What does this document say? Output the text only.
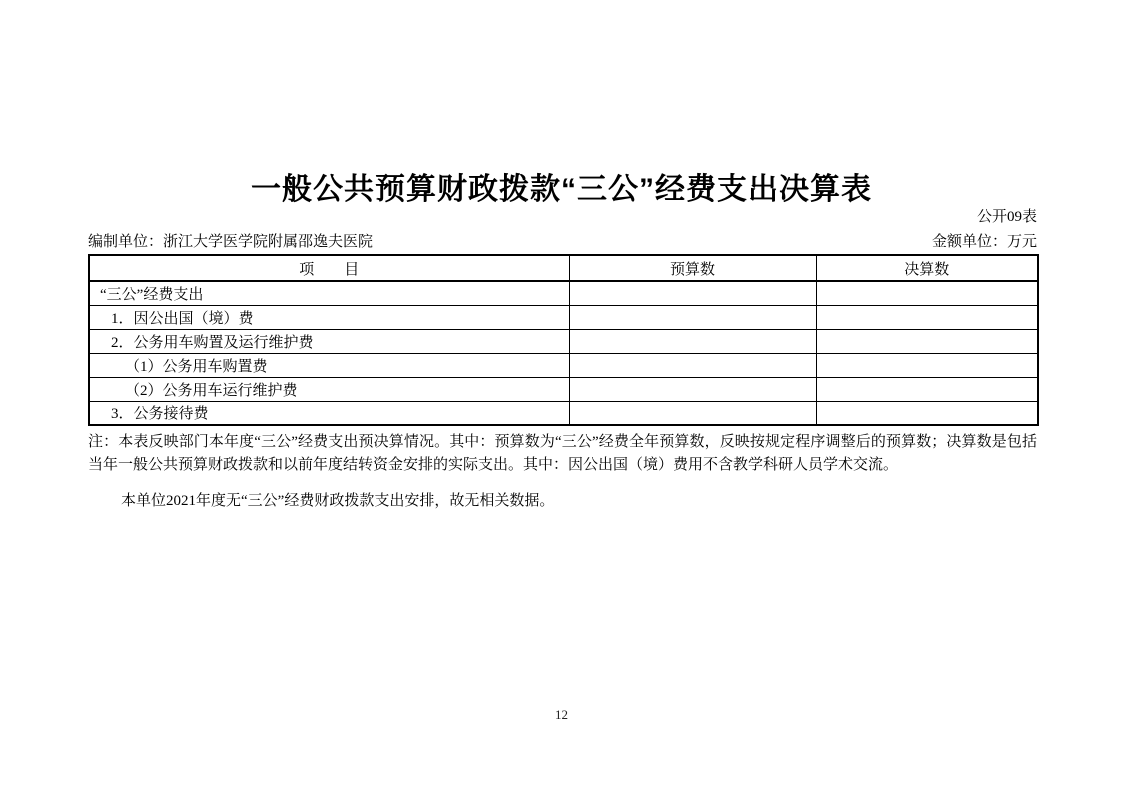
一般公共预算财政拨款“三公”经费支出决算表
公开09表
编制单位：浙江大学医学院附属邵逸夫医院	金额单位：万元
项　　目	预算数	决算数
“三公”经费支出		
1．因公出国（境）费		
2．公务用车购置及运行维护费		
（1）公务用车购置费		
（2）公务用车运行维护费		
3．公务接待费		

注：本表反映部门本年度“三公”经费支出预决算情况。其中：预算数为“三公”经费全年预算数，反映按规定程序调整后的预算数；决算数是包括当年一般公共预算财政拨款和以前年度结转资金安排的实际支出。其中：因公出国（境）费用不含教学科研人员学术交流。

本单位2021年度无“三公”经费财政拨款支出安排，故无相关数据。

12
